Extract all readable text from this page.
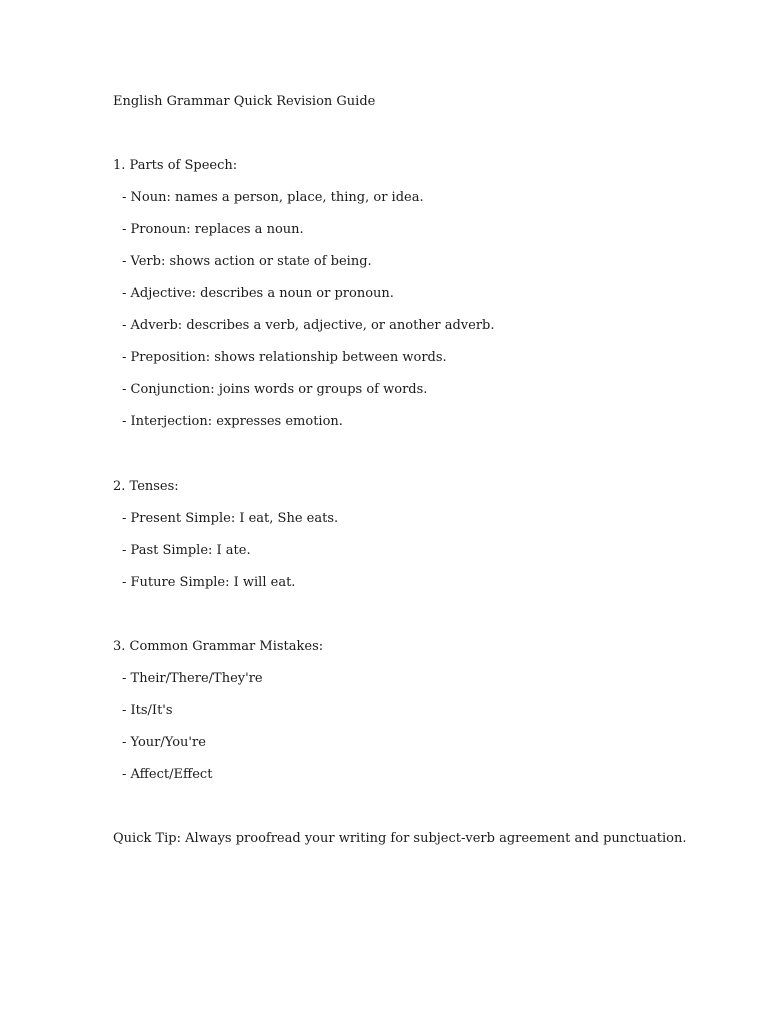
English Grammar Quick Revision Guide
1. Parts of Speech:
- Noun: names a person, place, thing, or idea.
- Pronoun: replaces a noun.
- Verb: shows action or state of being.
- Adjective: describes a noun or pronoun.
- Adverb: describes a verb, adjective, or another adverb.
- Preposition: shows relationship between words.
- Conjunction: joins words or groups of words.
- Interjection: expresses emotion.
2. Tenses:
- Present Simple: I eat, She eats.
- Past Simple: I ate.
- Future Simple: I will eat.
3. Common Grammar Mistakes:
- Their/There/They're
- Its/It's
- Your/You're
- Affect/Effect
Quick Tip: Always proofread your writing for subject-verb agreement and punctuation.
